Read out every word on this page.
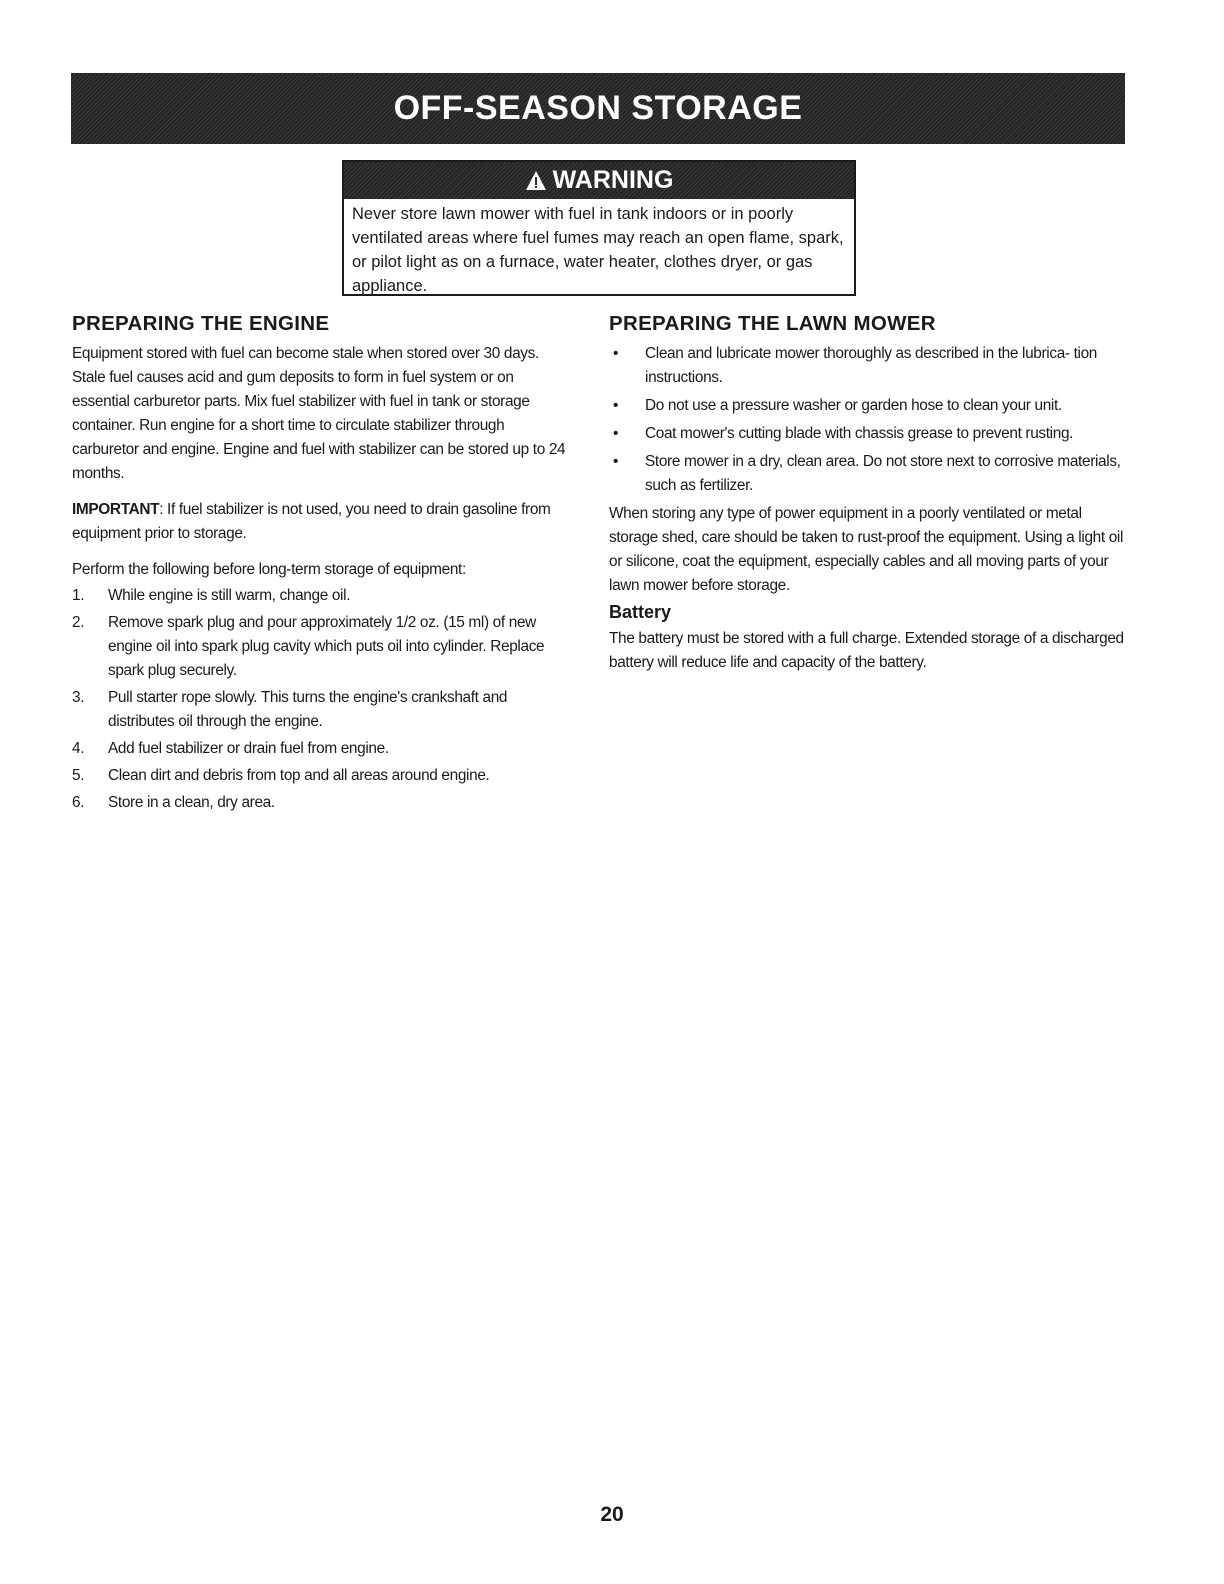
OFF-SEASON STORAGE
WARNING
Never store lawn mower with fuel in tank indoors or in poorly ventilated areas where fuel fumes may reach an open flame, spark, or pilot light as on a furnace, water heater, clothes dryer, or gas appliance.
PREPARING THE ENGINE

Equipment stored with fuel can become stale when stored over 30 days. Stale fuel causes acid and gum deposits to form in fuel system or on essential carburetor parts. Mix fuel stabilizer with fuel in tank or storage container. Run engine for a short time to circulate stabilizer through carburetor and engine. Engine and fuel with stabilizer can be stored up to 24 months.

IMPORTANT: If fuel stabilizer is not used, you need to drain gasoline from equipment prior to storage.

Perform the following before long-term storage of equipment:

1.	While engine is still warm, change oil.
2.	Remove spark plug and pour approximately 1/2 oz. (15 ml) of new engine oil into spark plug cavity which puts oil into cylinder. Replace spark plug securely.
3.	Pull starter rope slowly. This turns the engine's crankshaft and distributes oil through the engine.
4.	Add fuel stabilizer or drain fuel from engine.
5.	Clean dirt and debris from top and all areas around engine.
6.	Store in a clean, dry area.
PREPARING THE LAWN MOWER
•	Clean and lubricate mower thoroughly as described in the lubrica- tion instructions.
•	Do not use a pressure washer or garden hose to clean your unit.
•	Coat mower's cutting blade with chassis grease to prevent rusting.
•	Store mower in a dry, clean area. Do not store next to corrosive materials, such as fertilizer.

When storing any type of power equipment in a poorly ventilated or metal storage shed, care should be taken to rust-proof the equipment. Using a light oil or silicone, coat the equipment, especially cables and all moving parts of your lawn mower before storage.

Battery

The battery must be stored with a full charge. Extended storage of a discharged battery will reduce life and capacity of the battery.

20
